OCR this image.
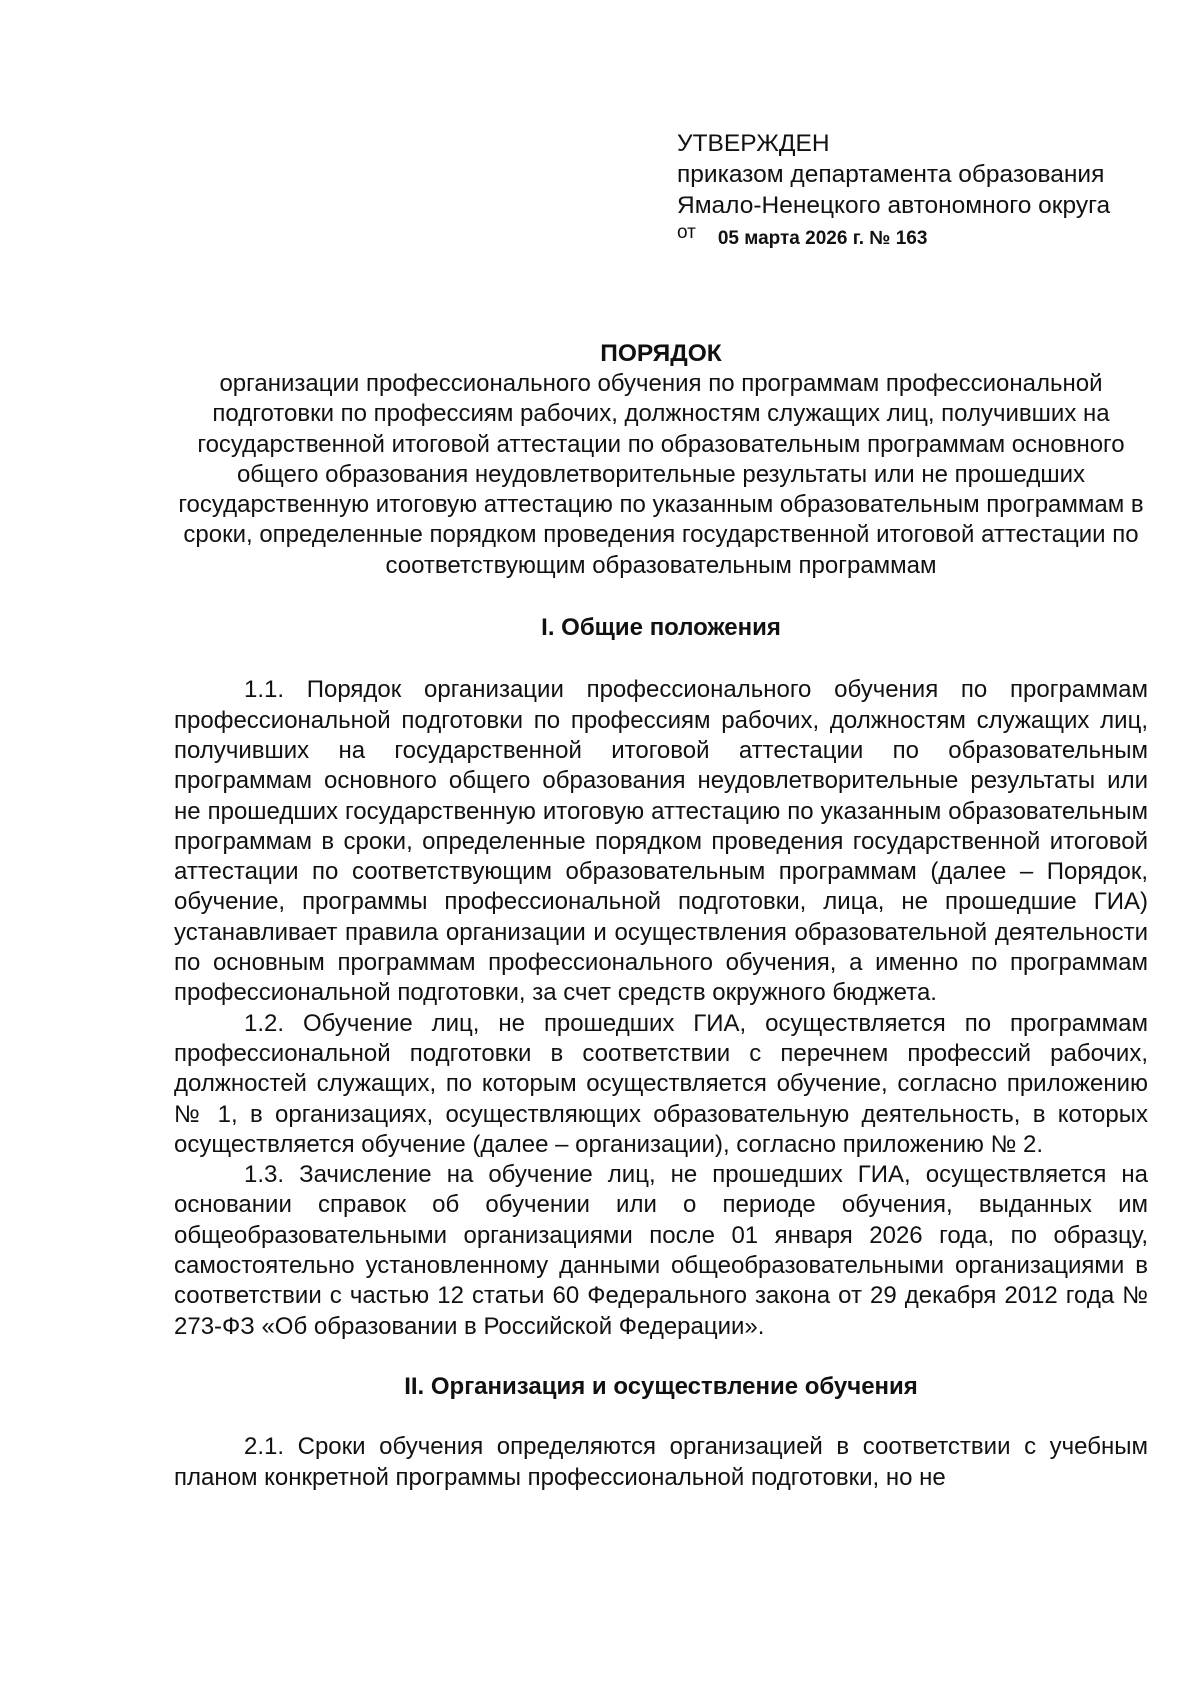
УТВЕРЖДЕН
приказом департамента образования
Ямало-Ненецкого автономного округа
от 05 марта 2026 г. № 163

ПОРЯДОК

организации профессионального обучения по программам профессиональной подготовки по профессиям рабочих, должностям служащих лиц, получивших на государственной итоговой аттестации по образовательным программам основного общего образования неудовлетворительные результаты или не прошедших государственную итоговую аттестацию по указанным образовательным программам в сроки, определенные порядком проведения государственной итоговой аттестации по соответствующим образовательным программам

I. Общие положения

1.1. Порядок организации профессионального обучения по программам профессиональной подготовки по профессиям рабочих, должностям служащих лиц, получивших на государственной итоговой аттестации по образовательным программам основного общего образования неудовлетворительные результаты или не прошедших государственную итоговую аттестацию по указанным образовательным программам в сроки, определенные порядком проведения государственной итоговой аттестации по соответствующим образовательным программам (далее – Порядок, обучение, программы профессиональной подготовки, лица, не прошедшие ГИА) устанавливает правила организации и осуществления образовательной деятельности по основным программам профессионального обучения, а именно по программам профессиональной подготовки, за счет средств окружного бюджета.

1.2. Обучение лиц, не прошедших ГИА, осуществляется по программам профессиональной подготовки в соответствии с перечнем профессий рабочих, должностей служащих, по которым осуществляется обучение, согласно приложению № 1, в организациях, осуществляющих образовательную деятельность, в которых осуществляется обучение (далее – организации), согласно приложению № 2.

1.3. Зачисление на обучение лиц, не прошедших ГИА, осуществляется на основании справок об обучении или о периоде обучения, выданных им общеобразовательными организациями после 01 января 2026 года, по образцу, самостоятельно установленному данными общеобразовательными организациями в соответствии с частью 12 статьи 60 Федерального закона от 29 декабря 2012 года № 273-ФЗ «Об образовании в Российской Федерации».

II. Организация и осуществление обучения

2.1. Сроки обучения определяются организацией в соответствии с учебным планом конкретной программы профессиональной подготовки, но не
